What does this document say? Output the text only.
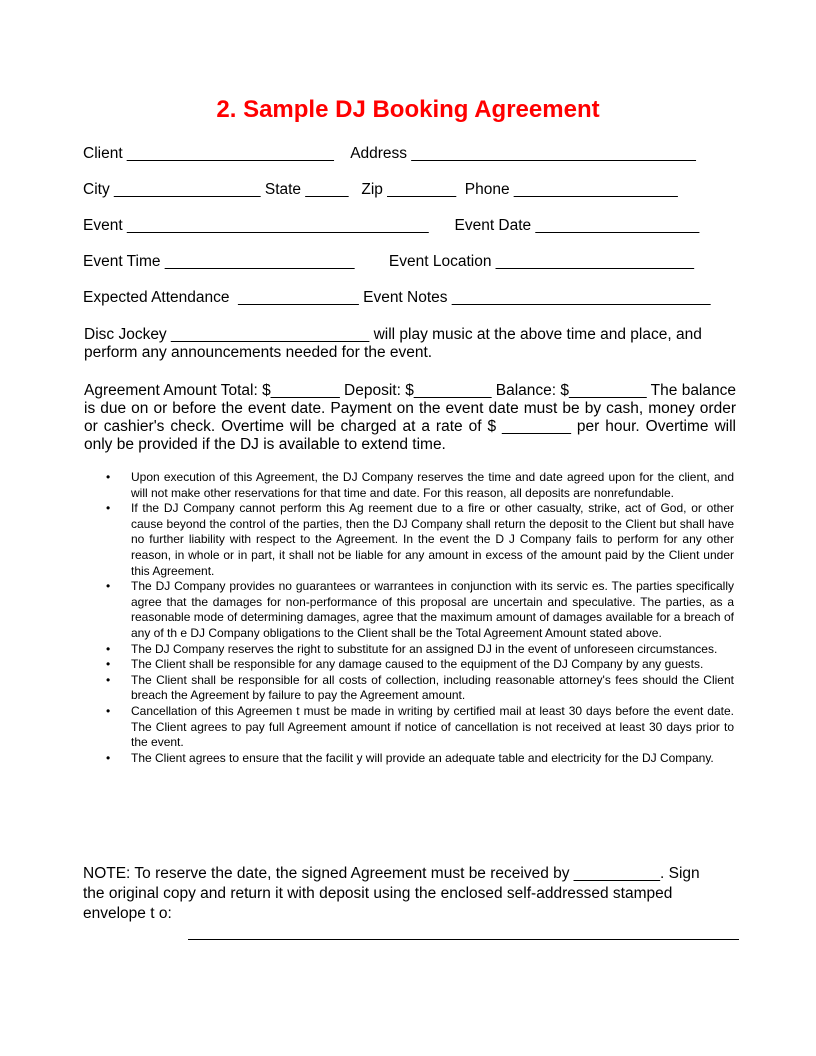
2. Sample DJ Booking Agreement
Client ________________________    Address _________________________________
City _________________ State _____   Zip ________  Phone ___________________
Event ___________________________________      Event Date ___________________
Event Time ______________________        Event Location _______________________
Expected Attendance  ______________ Event Notes ______________________________
Disc Jockey _______________________ will play music at the above time and place, and perform any announcements needed for the event.
Agreement Amount Total: $________ Deposit: $_________ Balance: $_________ The balance is due on or before the event date. Payment on the event date must be by cash, money order or cashier's check. Overtime will be charged at a rate of $ ________ per hour. Overtime will only be provided if the DJ is available to extend time.
• Upon execution of this Agreement, the DJ Company reserves the time and date agreed upon for the client, and will not make other reservations for that time and date. For this reason, all deposits are nonrefundable.
• If the DJ Company cannot perform this Ag reement due to a fire or other casualty, strike, act of God, or other cause beyond the control of the parties, then the DJ Company shall return the deposit to the Client but shall have no further liability with respect to the Agreement. In the event the D J Company fails to perform for any other reason, in whole or in part, it shall not be liable for any amount in excess of the amount paid by the Client under this Agreement.
• The DJ Company provides no guarantees or warrantees in conjunction with its servic es. The parties specifically agree that the damages for non-performance of this proposal are uncertain and speculative. The parties, as a reasonable mode of determining damages, agree that the maximum amount of damages available for a breach of any of th e DJ Company obligations to the Client shall be the Total Agreement Amount stated above.
• The DJ Company reserves the right to substitute for an assigned DJ in the event of unforeseen circumstances.
• The Client shall be responsible for any damage caused to the equipment of the DJ Company by any guests.
• The Client shall be responsible for all costs of collection, including reasonable attorney's fees should the Client breach the Agreement by failure to pay the Agreement amount.
• Cancellation of this Agreemen t must be made in writing by certified mail at least 30 days before the event date. The Client agrees to pay full Agreement amount if notice of cancellation is not received at least 30 days prior to the event.
• The Client agrees to ensure that the facilit y will provide an adequate table and electricity for the DJ Company.
NOTE: To reserve the date, the signed Agreement must be received by __________. Sign the original copy and return it with deposit using the enclosed self-addressed stamped envelope t o:
